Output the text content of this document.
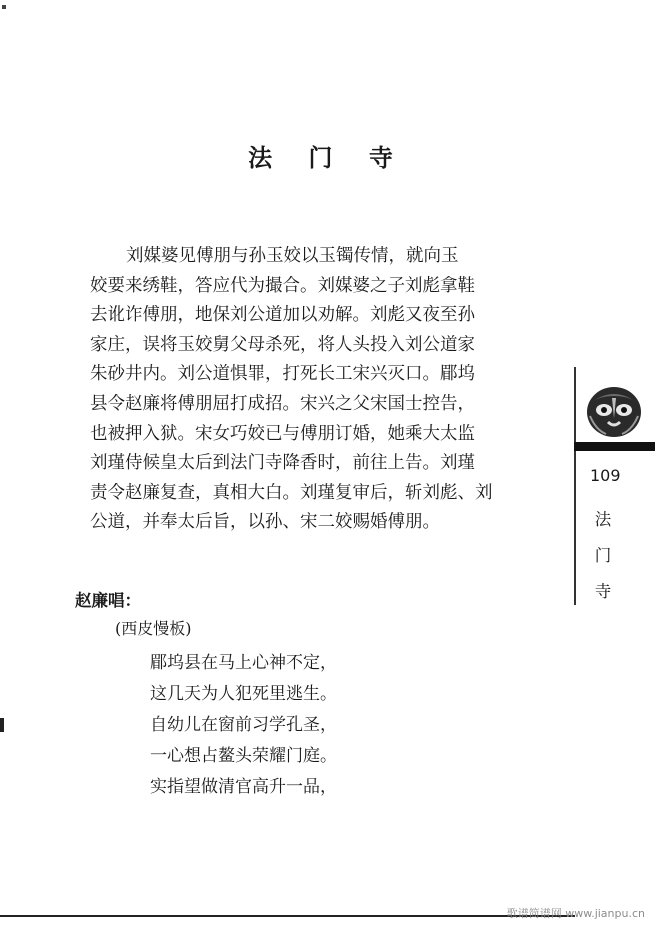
法 门 寺
刘媒婆见傅朋与孙玉姣以玉镯传情，就向玉
姣要来绣鞋，答应代为撮合。刘媒婆之子刘彪拿鞋
去讹诈傅朋，地保刘公道加以劝解。刘彪又夜至孙
家庄，误将玉姣舅父母杀死，将人头投入刘公道家
朱砂井内。刘公道惧罪，打死长工宋兴灭口。郿坞
县令赵廉将傅朋屈打成招。宋兴之父宋国士控告，
也被押入狱。宋女巧姣已与傅朋订婚，她乘大太监
刘瑾侍候皇太后到法门寺降香时，前往上告。刘瑾
责令赵廉复查，真相大白。刘瑾复审后，斩刘彪、刘
公道，并奉太后旨，以孙、宋二姣赐婚傅朋。
赵廉唱：
(西皮慢板)
郿坞县在马上心神不定，
这几天为人犯死里逃生。
自幼儿在窗前习学孔圣，
一心想占鳌头荣耀门庭。
实指望做清官高升一品，
109
法
门
寺
歌谱简谱网 www.jianpu.cn
